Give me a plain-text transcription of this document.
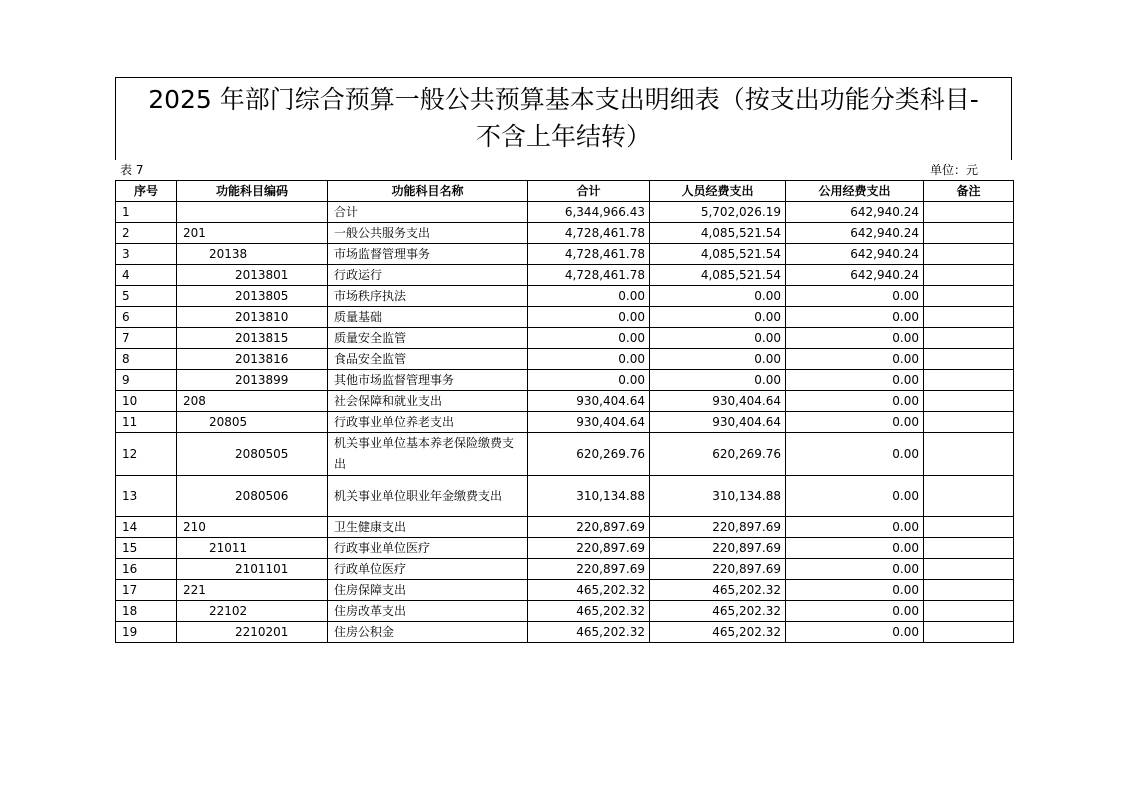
2025 年部门综合预算一般公共预算基本支出明细表（按支出功能分类科目-
不含上年结转）
表 7	单位：元
序号	功能科目编码	功能科目名称	合计	人员经费支出	公用经费支出	备注
1		合计	6,344,966.43	5,702,026.19	642,940.24	
2	201	一般公共服务支出	4,728,461.78	4,085,521.54	642,940.24	
3	20138	市场监督管理事务	4,728,461.78	4,085,521.54	642,940.24	
4	2013801	行政运行	4,728,461.78	4,085,521.54	642,940.24	
5	2013805	市场秩序执法	0.00	0.00	0.00	
6	2013810	质量基础	0.00	0.00	0.00	
7	2013815	质量安全监管	0.00	0.00	0.00	
8	2013816	食品安全监管	0.00	0.00	0.00	
9	2013899	其他市场监督管理事务	0.00	0.00	0.00	
10	208	社会保障和就业支出	930,404.64	930,404.64	0.00	
11	20805	行政事业单位养老支出	930,404.64	930,404.64	0.00	
12	2080505	机关事业单位基本养老保险缴费支出	620,269.76	620,269.76	0.00	
13	2080506	机关事业单位职业年金缴费支出	310,134.88	310,134.88	0.00	
14	210	卫生健康支出	220,897.69	220,897.69	0.00	
15	21011	行政事业单位医疗	220,897.69	220,897.69	0.00	
16	2101101	行政单位医疗	220,897.69	220,897.69	0.00	
17	221	住房保障支出	465,202.32	465,202.32	0.00	
18	22102	住房改革支出	465,202.32	465,202.32	0.00	
19	2210201	住房公积金	465,202.32	465,202.32	0.00	
